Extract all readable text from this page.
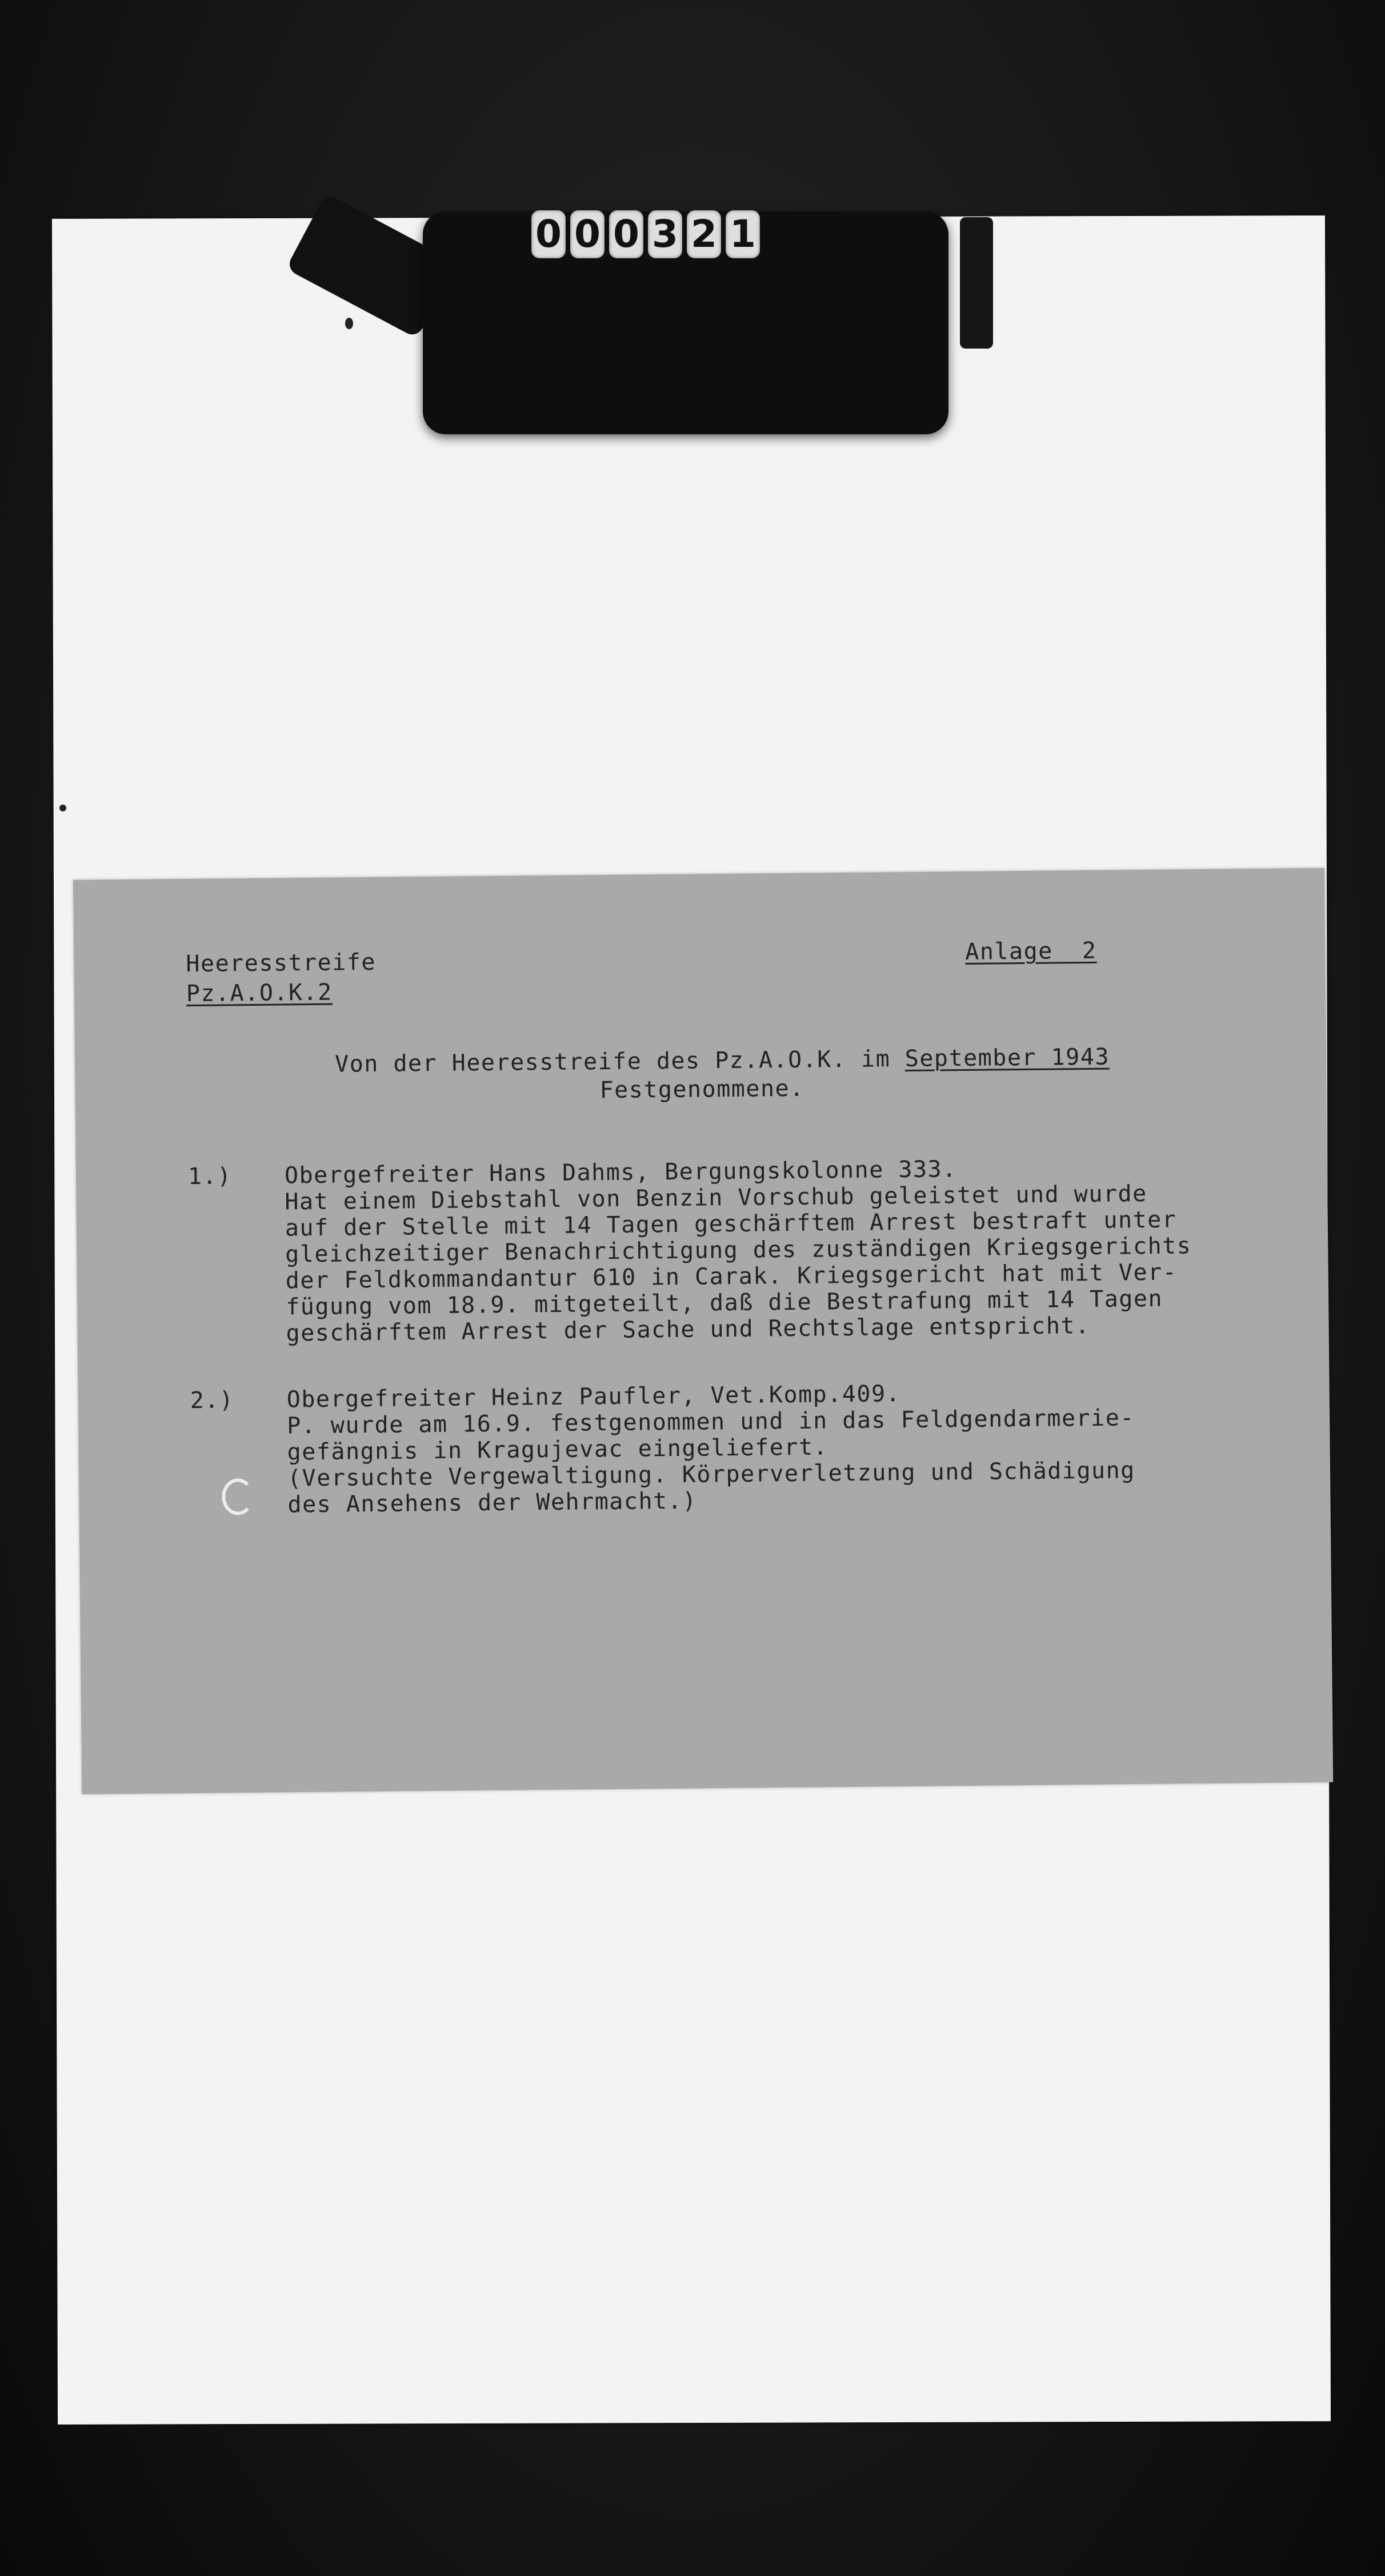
0 0 0 3 2 1
Heeresstreife
Pz.A.O.K.2
Anlage  2
Von der Heeresstreife des Pz.A.O.K. im September 1943
Festgenommene.
1.) Obergefreiter Hans Dahms, Bergungskolonne 333.
Hat einem Diebstahl von Benzin Vorschub geleistet und wurde
auf der Stelle mit 14 Tagen geschärftem Arrest bestraft unter
gleichzeitiger Benachrichtigung des zuständigen Kriegsgerichts
der Feldkommandantur 610 in Carak. Kriegsgericht hat mit Ver-
fügung vom 18.9. mitgeteilt, daß die Bestrafung mit 14 Tagen
geschärftem Arrest der Sache und Rechtslage entspricht.
2.) Obergefreiter Heinz Paufler, Vet.Komp.409.
P. wurde am 16.9. festgenommen und in das Feldgendarmerie-
gefängnis in Kragujevac eingeliefert.
(Versuchte Vergewaltigung. Körperverletzung und Schädigung
des Ansehens der Wehrmacht.)
